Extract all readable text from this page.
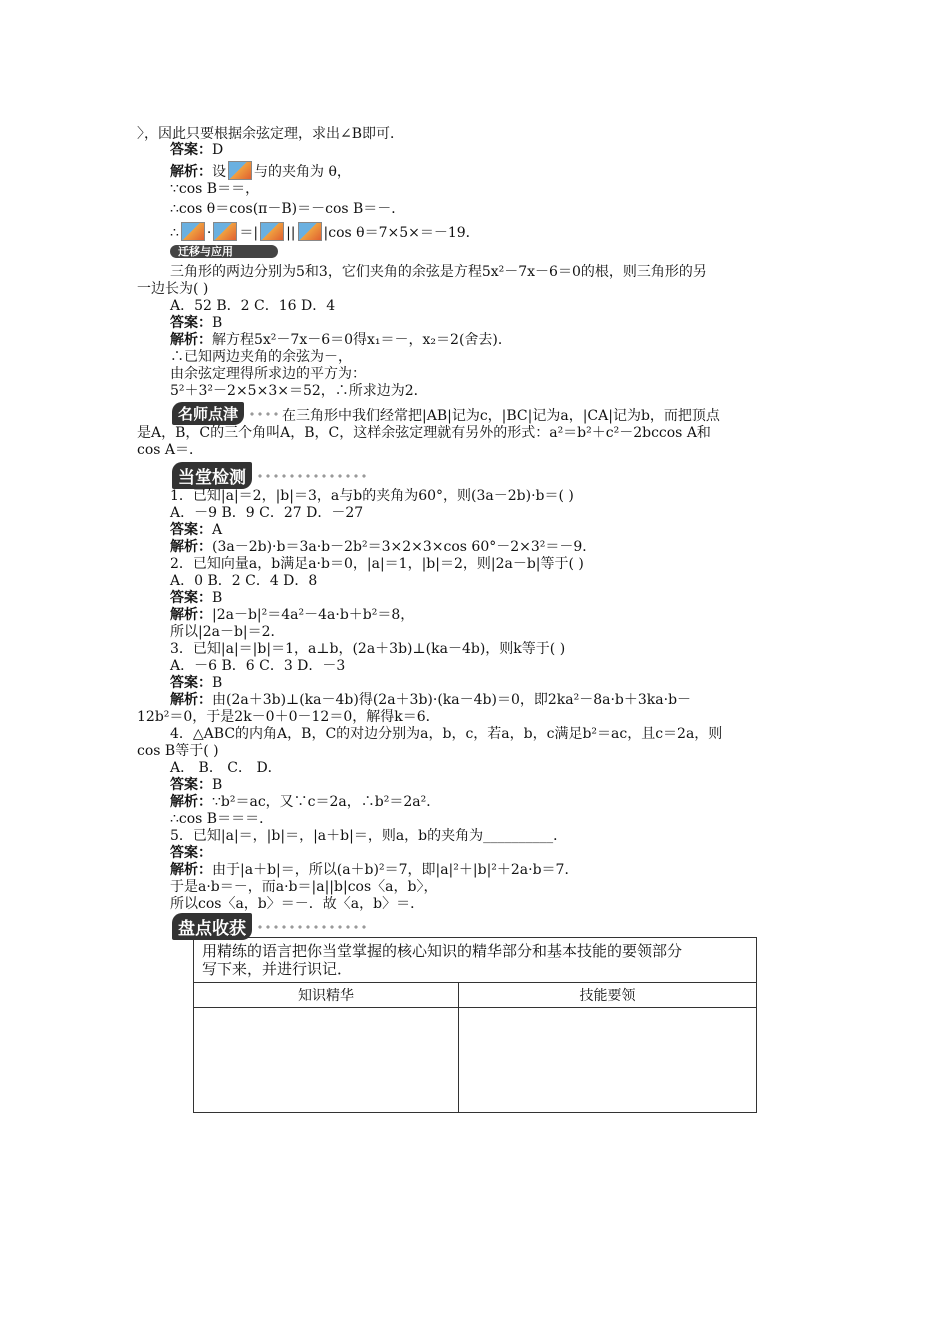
〉，因此只要根据余弦定理，求出∠B即可．
答案：D
解析：设 与的夹角为 θ，
∵cos B＝＝，
∴cos θ＝cos(π－B)＝－cos B＝－．
∴ · ＝| || |cos θ＝7×5×＝－19．
迁移与应用
三角形的两边分别为5和3，它们夹角的余弦是方程5x²－7x－6＝0的根，则三角形的另
一边长为( )
A．52 B．2 C．16 D．4
答案：B
解析：解方程5x²－7x－6＝0得x₁＝－，x₂＝2(舍去)．
∴已知两边夹角的余弦为－，
由余弦定理得所求边的平方为：
5²＋3²－2×5×3×＝52，∴所求边为2．
名师点津	在三角形中我们经常把|AB|记为c，|BC|记为a，|CA|记为b，而把顶点
是A，B，C的三个角叫A，B，C，这样余弦定理就有另外的形式：a²＝b²＋c²－2bccos A和
cos A＝．
当堂检测
1．已知|a|＝2，|b|＝3，a与b的夹角为60°，则(3a－2b)·b＝( )
A．－9 B．9 C．27 D．－27
答案：A
解析：(3a－2b)·b＝3a·b－2b²＝3×2×3×cos 60°－2×3²＝－9．
2．已知向量a，b满足a·b＝0，|a|＝1，|b|＝2，则|2a－b|等于( )
A．0 B．2 C．4 D．8
答案：B
解析：|2a－b|²＝4a²－4a·b＋b²＝8，
所以|2a－b|＝2．
3．已知|a|＝|b|＝1，a⊥b，(2a＋3b)⊥(ka－4b)，则k等于( )
A．－6 B．6 C．3 D．－3
答案：B
解析：由(2a＋3b)⊥(ka－4b)得(2a＋3b)·(ka－4b)＝0，即2ka²－8a·b＋3ka·b－
12b²＝0，于是2k－0＋0－12＝0，解得k＝6．
4．△ABC的内角A，B，C的对边分别为a，b，c，若a，b，c满足b²＝ac，且c＝2a，则
cos B等于( )
A． B． C． D．
答案：B
解析：∵b²＝ac，又∵c＝2a，∴b²＝2a²．
∴cos B＝＝＝．
5．已知|a|＝，|b|＝，|a＋b|＝，则a，b的夹角为__________．
答案：
解析：由于|a＋b|＝，所以(a＋b)²＝7，即|a|²＋|b|²＋2a·b＝7．
于是a·b＝－，而a·b＝|a||b|cos〈a，b〉，
所以cos〈a，b〉＝－．故〈a，b〉＝．
盘点收获
用精练的语言把你当堂掌握的核心知识的精华部分和基本技能的要领部分
写下来，并进行识记．	

知识精华	技能要领
